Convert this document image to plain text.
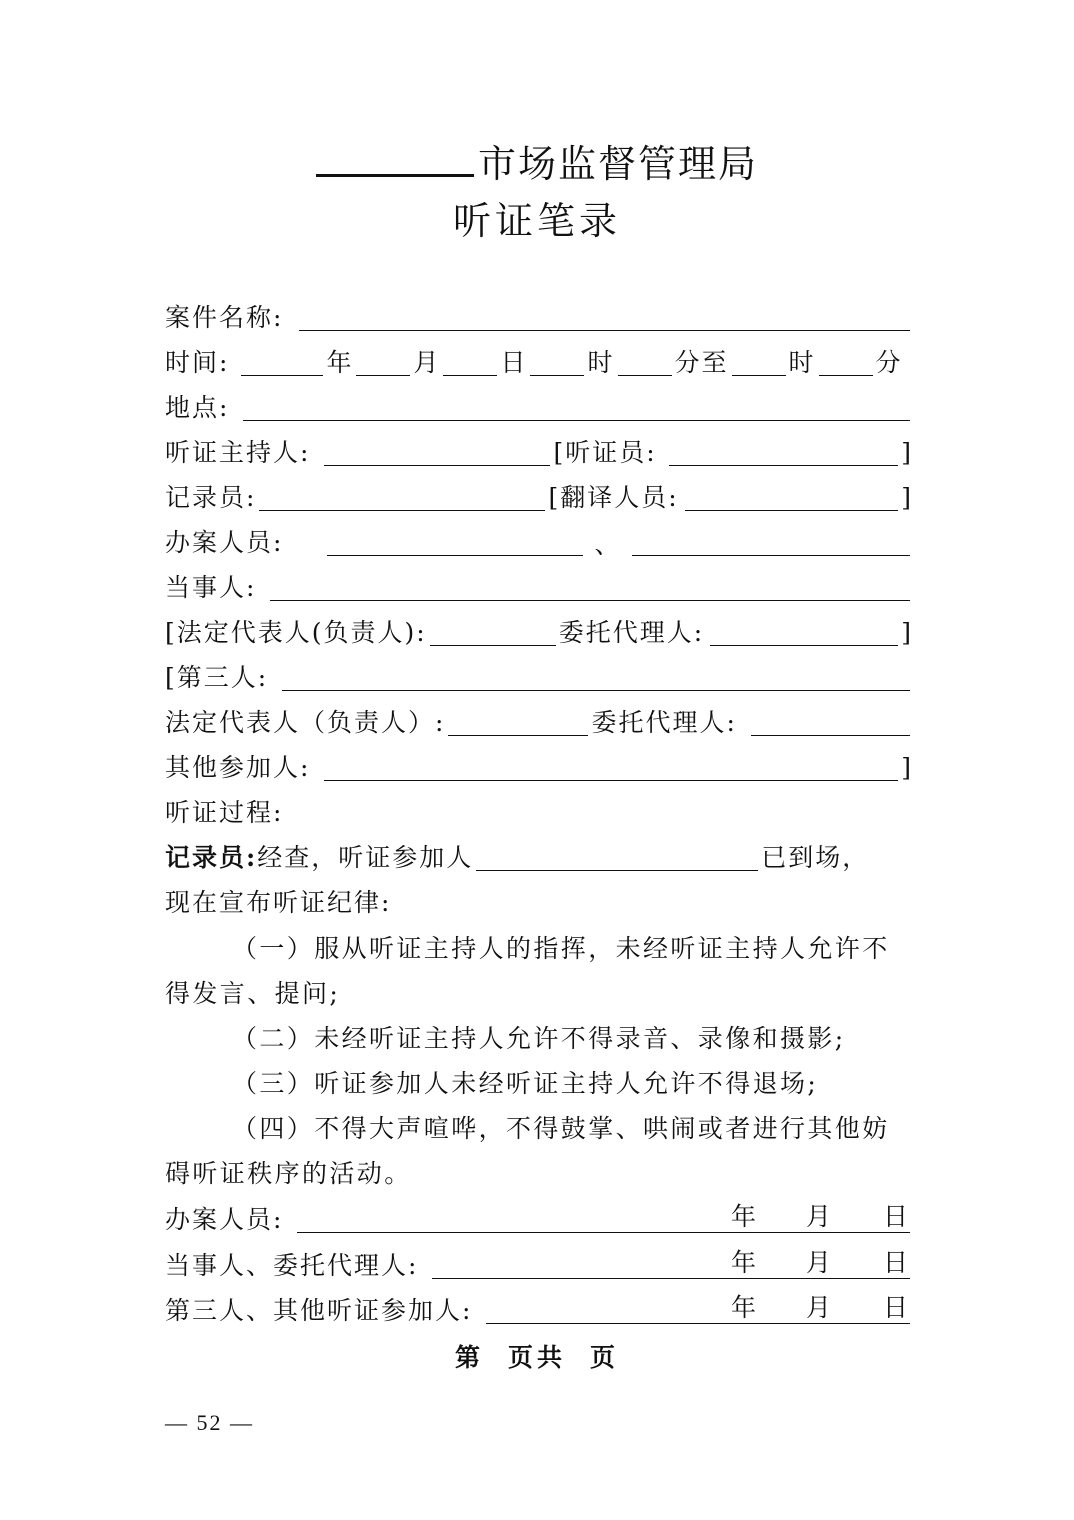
市场监督管理局
听证笔录
案件名称:
时间:	年 月 日 时 分至 时 分
地点:
听证主持人:	[听证员:	]
记录员:	[翻译人员:	]
办案人员:	、
当事人:
[法定代表人(负责人):	委托代理人:	]
[第三人:
法定代表人（负责人）:	委托代理人:
其他参加人:	]
听证过程:
记录员: 经查，听证参加人	已到场，
现在宣布听证纪律:
（一）服从听证主持人的指挥，未经听证主持人允许不得发言、提问;
（二）未经听证主持人允许不得录音、录像和摄影;
（三）听证参加人未经听证主持人允许不得退场;
（四）不得大声喧哗，不得鼓掌、哄闹或者进行其他妨碍听证秩序的活动。
办案人员:	年	月	日
当事人、委托代理人:	年	月	日
第三人、其他听证参加人:	年	月	日
第 页共 页
— 52 —
